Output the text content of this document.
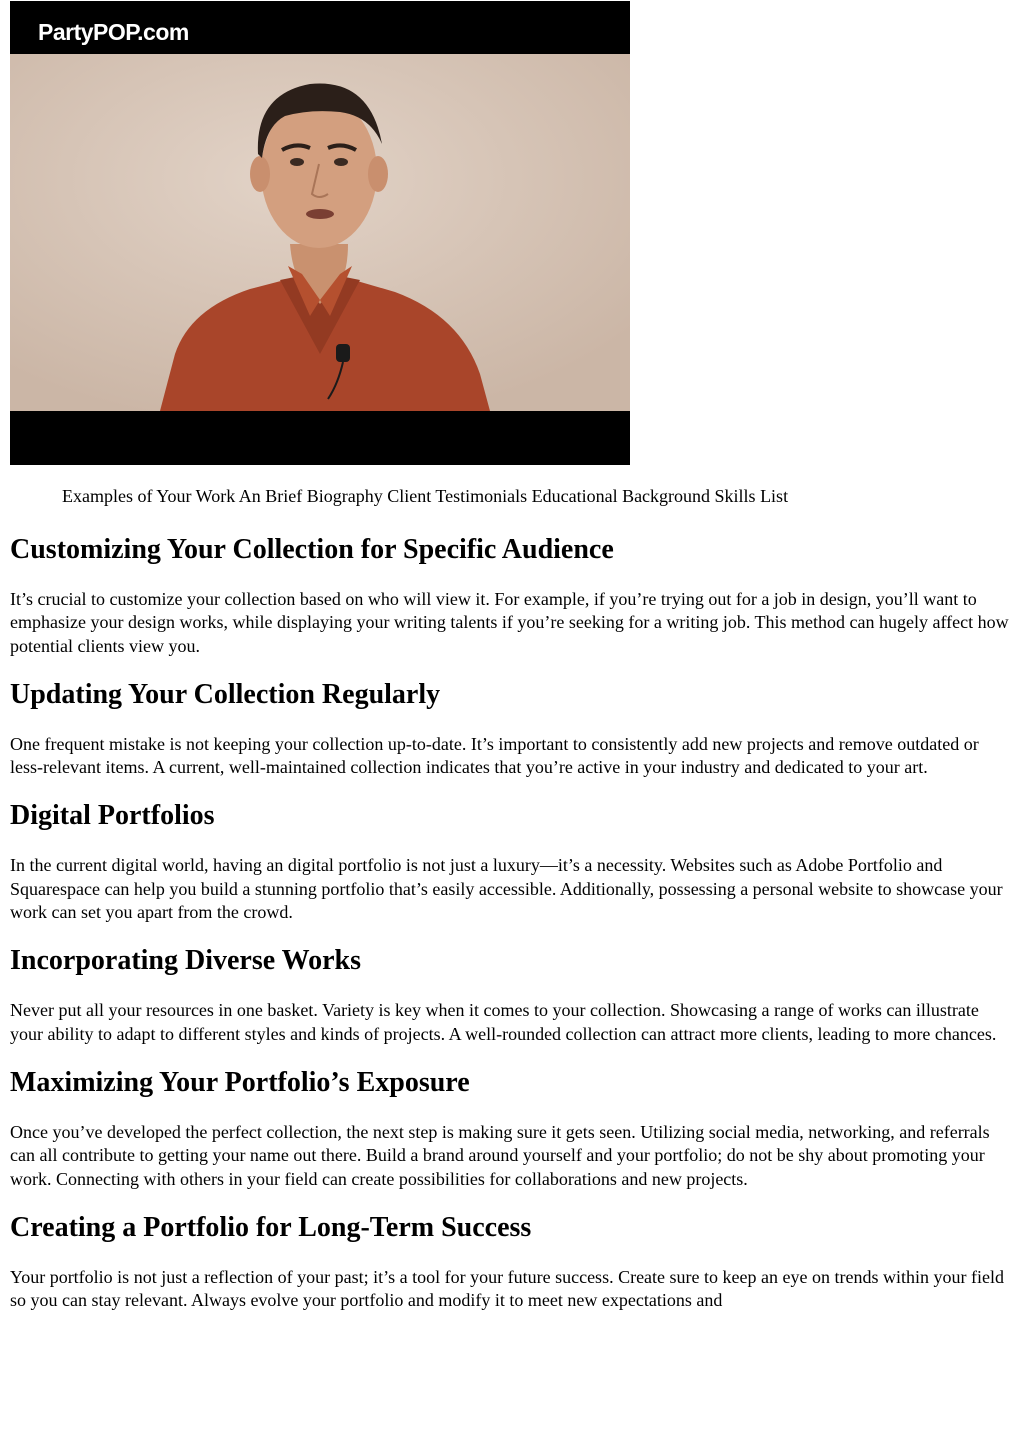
PartyPOP.com
Examples of Your Work An Brief Biography Client Testimonials Educational Background Skills List
Customizing Your Collection for Specific Audience

It’s crucial to customize your collection based on who will view it. For example, if you’re trying out for a job in design, you’ll want to emphasize your design works, while displaying your writing talents if you’re seeking for a writing job. This method can hugely affect how potential clients view you.

Updating Your Collection Regularly

One frequent mistake is not keeping your collection up-to-date. It’s important to consistently add new projects and remove outdated or less-relevant items. A current, well-maintained collection indicates that you’re active in your industry and dedicated to your art.

Digital Portfolios

In the current digital world, having an digital portfolio is not just a luxury—it’s a necessity. Websites such as Adobe Portfolio and Squarespace can help you build a stunning portfolio that’s easily accessible. Additionally, possessing a personal website to showcase your work can set you apart from the crowd.

Incorporating Diverse Works

Never put all your resources in one basket. Variety is key when it comes to your collection. Showcasing a range of works can illustrate your ability to adapt to different styles and kinds of projects. A well-rounded collection can attract more clients, leading to more chances.

Maximizing Your Portfolio’s Exposure

Once you’ve developed the perfect collection, the next step is making sure it gets seen. Utilizing social media, networking, and referrals can all contribute to getting your name out there. Build a brand around yourself and your portfolio; do not be shy about promoting your work. Connecting with others in your field can create possibilities for collaborations and new projects.

Creating a Portfolio for Long-Term Success

Your portfolio is not just a reflection of your past; it’s a tool for your future success. Create sure to keep an eye on trends within your field so you can stay relevant. Always evolve your portfolio and modify it to meet new expectations and
